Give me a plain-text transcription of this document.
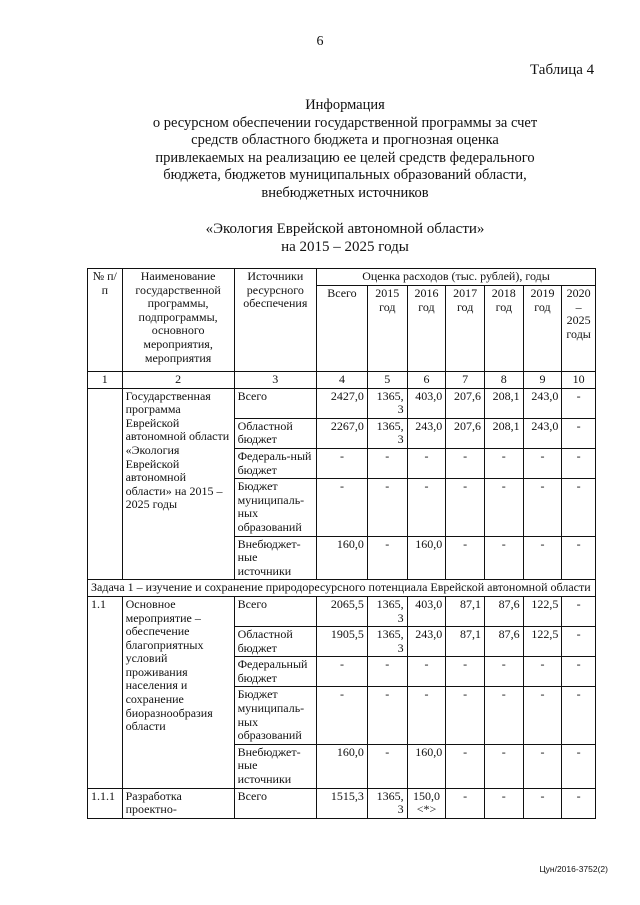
6
Таблица 4
Информация
о ресурсном обеспечении государственной программы за счет
средств областного бюджета и прогнозная оценка
привлекаемых на реализацию ее целей средств федерального
бюджета, бюджетов муниципальных образований области,
внебюджетных источников
«Экология Еврейской автономной области»
на 2015 – 2025 годы
№ п/п	Наименование государственной программы, подпрограммы, основного мероприятия, мероприятия	Источники ресурсного обеспечения	Оценка расходов (тыс. рублей), годы						
			Всего	2015 год	2016 год	2017 год	2018 год	2019 год	2020 – 2025 годы
1	2	3	4	5	6	7	8	9	10
	Государственная программа Еврейской автономной области «Экология Еврейской автономной области» на 2015 – 2025 годы	Всего	2427,0	1365,3	403,0	207,6	208,1	243,0	-
		Областной бюджет	2267,0	1365,3	243,0	207,6	208,1	243,0	-
		Федераль-ный бюджет	-	-	-	-	-	-	-
		Бюджет муниципаль-ных образований	-	-	-	-	-	-	-
		Внебюджет-ные источники	160,0	-	160,0	-	-	-	-
Задача 1 – изучение и сохранение природоресурсного потенциала Еврейской автономной области									
1.1	Основное мероприятие – обеспечение благоприятных условий проживания населения и сохранение биоразнообразия области	Всего	2065,5	1365,3	403,0	87,1	87,6	122,5	-
		Областной бюджет	1905,5	1365,3	243,0	87,1	87,6	122,5	-
		Федеральный бюджет	-	-	-	-	-	-	-
		Бюджет муниципаль-ных образований	-	-	-	-	-	-	-
		Внебюджет-ные источники	160,0	-	160,0	-	-	-	-
1.1.1	Разработка проектно-	Всего	1515,3	1365,3	150,0 <*>	-	-	-	-
Цун/2016-3752(2)
